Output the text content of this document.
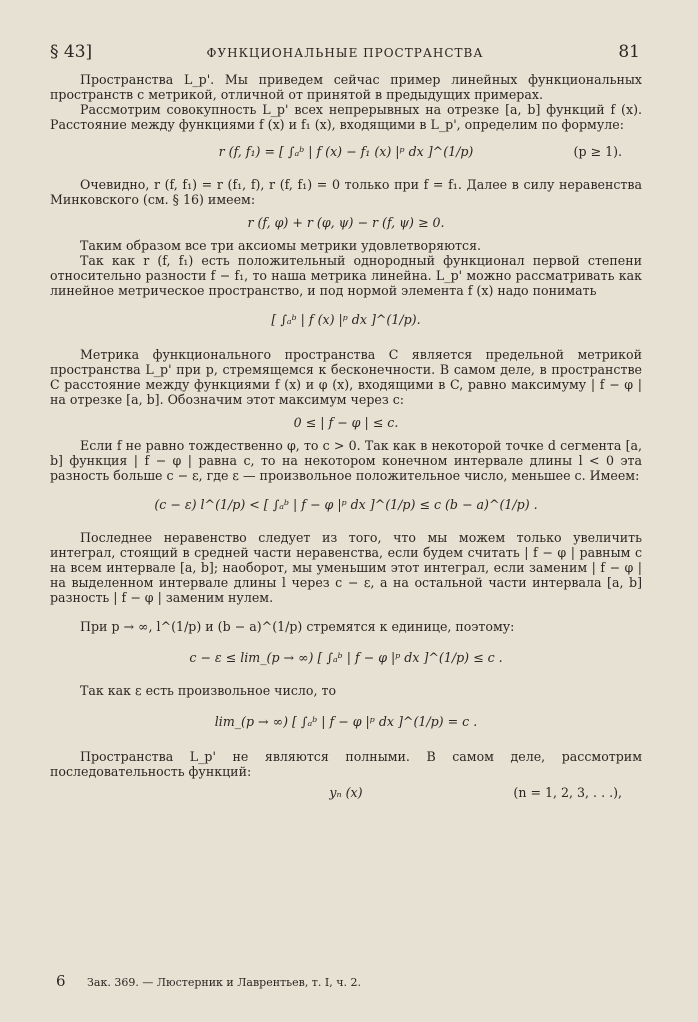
§ 43]	ФУНКЦИОНАЛЬНЫЕ ПРОСТРАНСТВА	81

Пространства L_p'. Мы приведем сейчас пример линейных функциональных пространств с метрикой, отличной от принятой в предыдущих примерах.

Рассмотрим совокупность L_p' всех непрерывных на отрезке [a, b] функций f (x). Расстояние между функциями f (x) и f₁ (x), входящими в L_p', определим по формуле:

r (f, f₁) = [ ∫ₐᵇ | f (x) − f₁ (x) |ᵖ dx ]^(1/p)	(p ≥ 1).

Очевидно, r (f, f₁) = r (f₁, f), r (f, f₁) = 0 только при f = f₁. Далее в силу неравенства Минковского (см. § 16) имеем:

r (f, φ) + r (φ, ψ) − r (f, ψ) ≥ 0.

Таким образом все три аксиомы метрики удовлетворяются.

Так как r (f, f₁) есть положительный однородный функционал первой степени относительно разности f − f₁, то наша метрика линейна. L_p' можно рассматривать как линейное метрическое пространство, и под нормой элемента f (x) надо понимать

[ ∫ₐᵇ | f (x) |ᵖ dx ]^(1/p).

Метрика функционального пространства C является предельной метрикой пространства L_p' при p, стремящемся к бесконечности. В самом деле, в пространстве C расстояние между функциями f (x) и φ (x), входящими в C, равно максимуму | f − φ | на отрезке [a, b]. Обозначим этот максимум через c:

0 ≤ | f − φ | ≤ c.

Если f не равно тождественно φ, то c > 0. Так как в некоторой точке d сегмента [a, b] функция | f − φ | равна c, то на некотором конечном интервале длины l < 0 эта разность больше c − ε, где ε — произвольное положительное число, меньшее c. Имеем:

(c − ε) l^(1/p) < [ ∫ₐᵇ | f − φ |ᵖ dx ]^(1/p) ≤ c (b − a)^(1/p) .

Последнее неравенство следует из того, что мы можем только увеличить интеграл, стоящий в средней части неравенства, если будем считать | f − φ | равным c на всем интервале [a, b]; наоборот, мы уменьшим этот интеграл, если заменим | f − φ | на выделенном интервале длины l через c − ε, а на остальной части интервала [a, b] разность | f − φ | заменим нулем.

При p → ∞, l^(1/p) и (b − a)^(1/p) стремятся к единице, поэтому:

c − ε ≤ lim_(p → ∞) [ ∫ₐᵇ | f − φ |ᵖ dx ]^(1/p) ≤ c .

Так как ε есть произвольное число, то

lim_(p → ∞) [ ∫ₐᵇ | f − φ |ᵖ dx ]^(1/p) = c .

Пространства L_p' не являются полными. В самом деле, рассмотрим последовательность функций:

yₙ (x)	(n = 1, 2, 3, . . .),

6 Зак. 369. — Люстерник и Лаврентьев, т. I, ч. 2.
